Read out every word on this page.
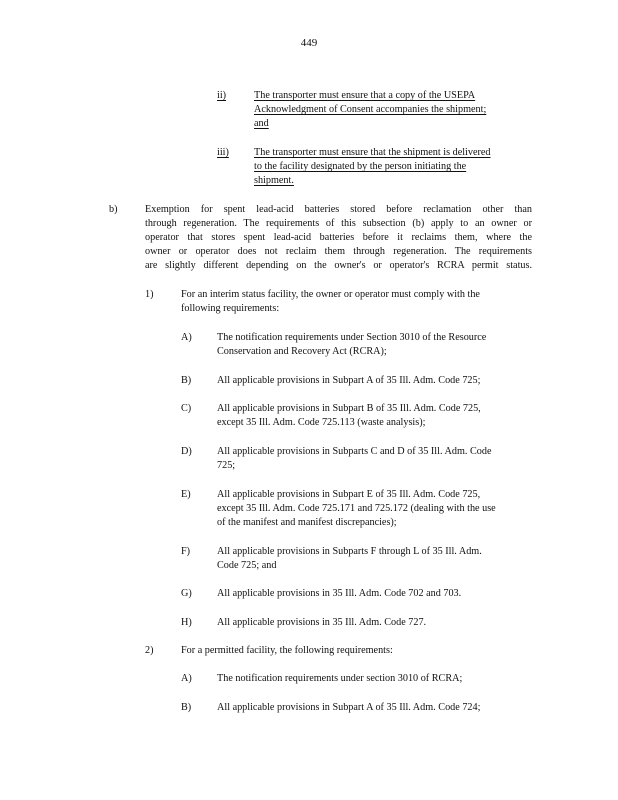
449
ii)	The transporter must ensure that a copy of the USEPA
Acknowledgment of Consent accompanies the shipment;
and
iii) The transporter must ensure that the shipment is delivered
to the facility designated by the person initiating the
shipment.
b)	Exemption for spent lead-acid batteries stored before reclamation other than
through regeneration. The requirements of this subsection (b) apply to an owner or
operator that stores spent lead-acid batteries before it reclaims them, where the
owner or operator does not reclaim them through regeneration. The requirements
are slightly different depending on the owner's or operator's RCRA permit status.
1)	For an interim status facility, the owner or operator must comply with the
following requirements:
A) The notification requirements under Section 3010 of the Resource
Conservation and Recovery Act (RCRA);
B)	All applicable provisions in Subpart A of 35 Ill. Adm. Code 725;
C)	All applicable provisions in Subpart B of 35 Ill. Adm. Code 725,
except 35 Ill. Adm. Code 725.113 (waste analysis);
D) All applicable provisions in Subparts C and D of 35 Ill. Adm. Code
725;
E)	All applicable provisions in Subpart E of 35 Ill. Adm. Code 725,
except 35 Ill. Adm. Code 725.171 and 725.172 (dealing with the use
of the manifest and manifest discrepancies);
F)	All applicable provisions in Subparts F through L of 35 Ill. Adm.
Code 725; and
G) All applicable provisions in 35 Ill. Adm. Code 702 and 703.
H) All applicable provisions in 35 Ill. Adm. Code 727.
2)	For a permitted facility, the following requirements:
A) The notification requirements under section 3010 of RCRA;
B)	All applicable provisions in Subpart A of 35 Ill. Adm. Code 724;
